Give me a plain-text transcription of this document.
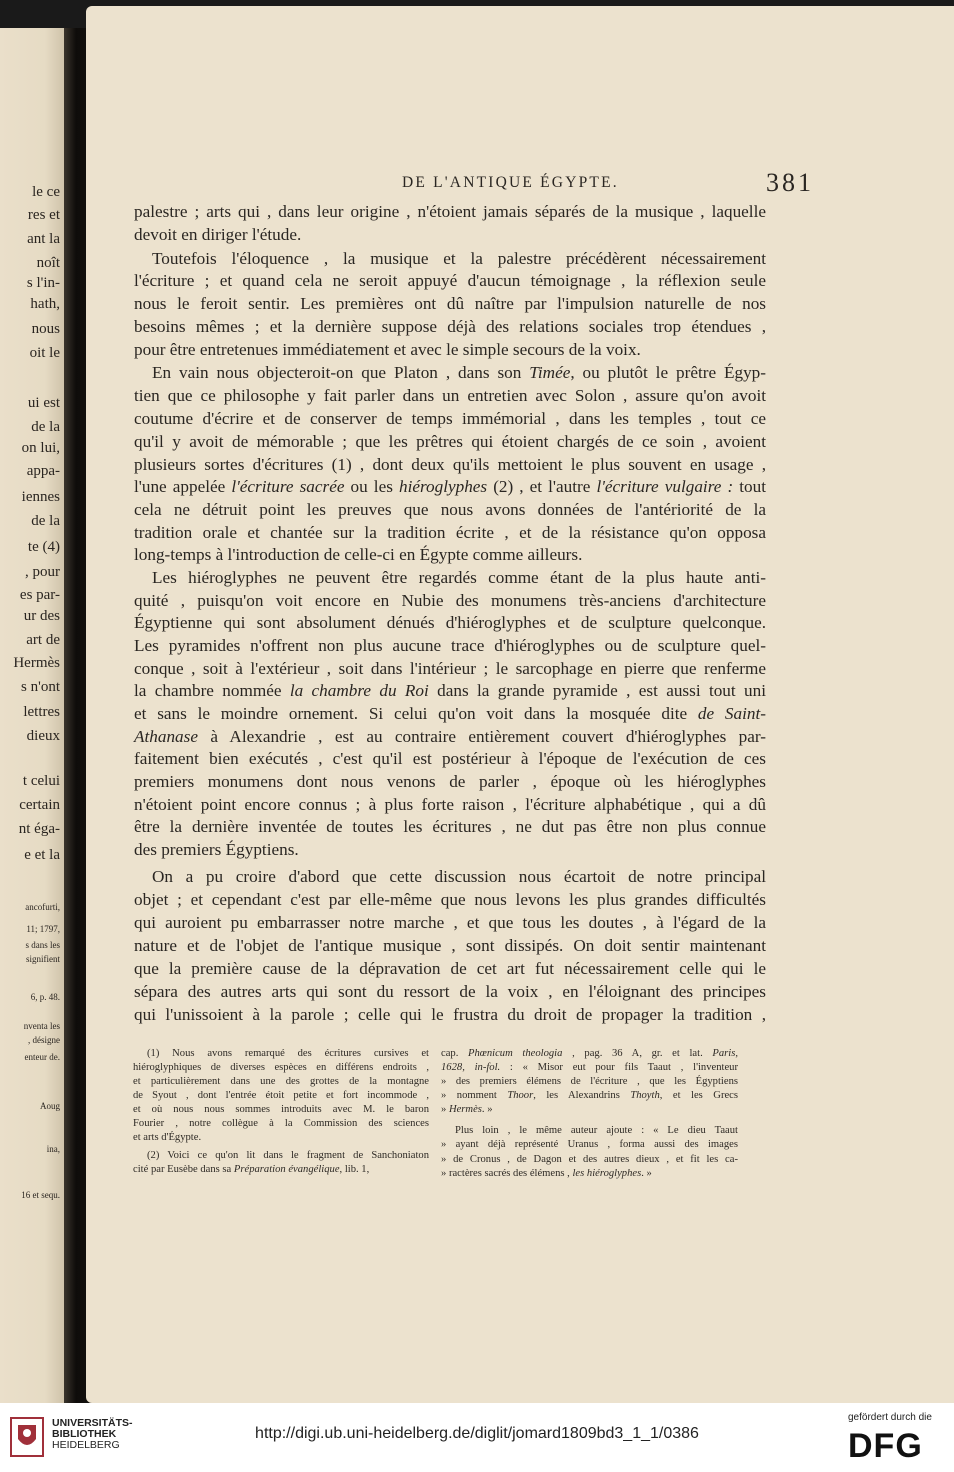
le ce
res et
ant la
noît
s l'in-
hath,
nous
oit le
ui est
de la
on lui,
appa-
iennes
de la
te (4)
, pour
es par-
ur des
art de
Hermès
s n'ont
lettres
dieux
t celui
certain
nt éga-
e et la
ancofurti,
11; 1797,
s dans les
signifient
6, p. 48.
nventa les
, désigne
enteur de.
Aoug
ina,
16 et sequ.
DE L'ANTIQUE ÉGYPTE.	381
palestre ; arts qui , dans leur origine , n'étoient jamais séparés de la musique , laquelle
devoit en diriger l'étude.
Toutefois l'éloquence , la musique et la palestre précédèrent nécessairement
l'écriture ; et quand cela ne seroit appuyé d'aucun témoignage , la réflexion seule
nous le feroit sentir. Les premières ont dû naître par l'impulsion naturelle de nos
besoins mêmes ; et la dernière suppose déjà des relations sociales trop étendues ,
pour être entretenues immédiatement et avec le simple secours de la voix.
En vain nous objecteroit-on que Platon , dans son Timée, ou plutôt le prêtre Égyp-
tien que ce philosophe y fait parler dans un entretien avec Solon , assure qu'on avoit
coutume d'écrire et de conserver de temps immémorial , dans les temples , tout ce
qu'il y avoit de mémorable ; que les prêtres qui étoient chargés de ce soin , avoient
plusieurs sortes d'écritures (1) , dont deux qu'ils mettoient le plus souvent en usage ,
l'une appelée l'écriture sacrée ou les hiéroglyphes (2) , et l'autre l'écriture vulgaire : tout
cela ne détruit point les preuves que nous avons données de l'antériorité de la
tradition orale et chantée sur la tradition écrite , et de la résistance qu'on opposa
long-temps à l'introduction de celle-ci en Égypte comme ailleurs.
Les hiéroglyphes ne peuvent être regardés comme étant de la plus haute anti-
quité , puisqu'on voit encore en Nubie des monumens très-anciens d'architecture
Égyptienne qui sont absolument dénués d'hiéroglyphes et de sculpture quelconque.
Les pyramides n'offrent non plus aucune trace d'hiéroglyphes ou de sculpture quel-
conque , soit à l'extérieur , soit dans l'intérieur ; le sarcophage en pierre que renferme
la chambre nommée la chambre du Roi dans la grande pyramide , est aussi tout uni
et sans le moindre ornement. Si celui qu'on voit dans la mosquée dite de Saint-
Athanase à Alexandrie , est au contraire entièrement couvert d'hiéroglyphes par-
faitement bien exécutés , c'est qu'il est postérieur à l'époque de l'exécution de ces
premiers monumens dont nous venons de parler , époque où les hiéroglyphes
n'étoient point encore connus ; à plus forte raison , l'écriture alphabétique , qui a dû
être la dernière inventée de toutes les écritures , ne dut pas être non plus connue
des premiers Égyptiens.
On a pu croire d'abord que cette discussion nous écartoit de notre principal
objet ; et cependant c'est par elle-même que nous levons les plus grandes difficultés
qui auroient pu embarrasser notre marche , et que tous les doutes , à l'égard de la
nature et de l'objet de l'antique musique , sont dissipés. On doit sentir maintenant
que la première cause de la dépravation de cet art fut nécessairement celle qui le
sépara des autres arts qui sont du ressort de la voix , en l'éloignant des principes
qui l'unissoient à la parole ; celle qui le frustra du droit de propager la tradition ,
(1) Nous avons remarqué des écritures cursives et
hiéroglyphiques de diverses espèces en différens endroits ,
et particulièrement dans une des grottes de la montagne
de Syout , dont l'entrée étoit petite et fort incommode ,
et où nous nous sommes introduits avec M. le baron
Fourier , notre collègue à la Commission des sciences
et arts d'Égypte.
(2) Voici ce qu'on lit dans le fragment de Sanchoniaton
cité par Eusèbe dans sa Préparation évangélique, lib. 1,
cap. Phœnicum theologia , pag. 36 A, gr. et lat. Paris,
1628, in-fol. : « Misor eut pour fils Taaut , l'inventeur
» des premiers élémens de l'écriture , que les Égyptiens
» nomment Thoor, les Alexandrins Thoyth, et les Grecs
» Hermès. »
Plus loin , le même auteur ajoute : « Le dieu Taaut
» ayant déjà représenté Uranus , forma aussi des images
» de Cronus , de Dagon et des autres dieux , et fit les ca-
» ractères sacrés des élémens , les hiéroglyphes. »
UNIVERSITÄTS-
BIBLIOTHEK
HEIDELBERG
http://digi.ub.uni-heidelberg.de/diglit/jomard1809bd3_1_1/0386
gefördert durch die
DFG
